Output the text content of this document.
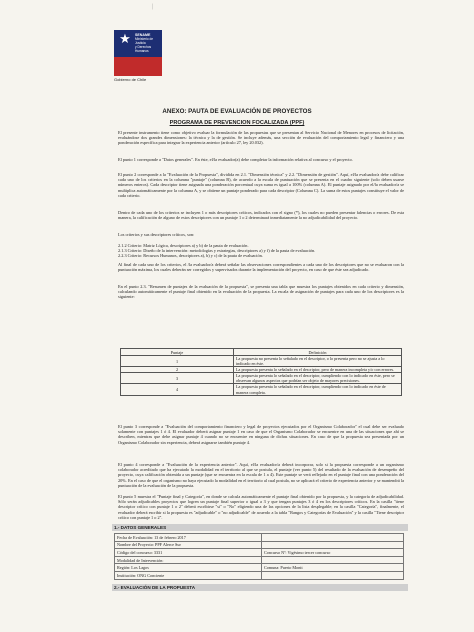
|
★	SENAME
Ministerio de Justicia
y Derechos Humanos
Gobierno de Chile
ANEXO: PAUTA DE EVALUACIÓN DE PROYECTOS
PROGRAMA DE PREVENCION FOCALIZADA (PPF)
El presente instrumento tiene como objetivo evaluar la formulación de las propuestas que se presentan al Servicio Nacional de Menores en procesos de licitación, evaluándose dos grandes dimensiones: la técnica y la de gestión. Se incluye además, una sección de evaluación del comportamiento legal y financiero y una ponderación específica para integrar la experiencia anterior (artículo 27, ley 20.032).
El punto 1 corresponde a "Datos generales". En éste, el/la evaluador(a) debe completar la información relativa al concurso y el proyecto.
El punto 2 corresponde a la "Evaluación de la Propuesta", dividida en 2.1. "Dimensión técnica" y 2.2. "Dimensión de gestión". Aquí, el/la evaluador/a debe calificar cada uno de los criterios en la columna "puntaje" (columna B), de acuerdo a la escala de puntuación que se presenta en el cuadro siguiente (solo deben usarse números enteros). Cada descriptor tiene asignada una ponderación porcentual cuya suma es igual a 100% (columna A). El puntaje asignado por el/la evaluador/a se multiplica automáticamente por la columna A, y se obtiene un puntaje ponderado para cada descriptor (Columna C). La suma de estos puntajes constituye el valor de cada criterio.
Dentro de cada uno de los criterios se incluyen 1 o más descriptores críticos, indicados con el signo (*), los cuales no pueden presentar falencias o errores. De esta manera, la calificación de alguno de estos descriptores con un puntaje 1 o 2 determinará inmediatamente la no adjudicabilidad del proyecto.
Los criterios y sus descriptores críticos, son:
2.1.2 Criterio: Matriz Lógica, descriptores a) y b) de la pauta de evaluación.
2.1.3 Criterio: Diseño de la intervención: metodologías y estrategias, descriptores a) y f) de la pauta de evaluación.
2.2.3 Criterio: Recursos Humanos, descriptores a), b) y c) de la pauta de evaluación.
Al final de cada uno de los criterios, el /la evaluador/a deberá señalar las observaciones correspondientes a cada uno de los descriptores que no se evaluaron con la puntuación máxima, los cuales deberán ser corregidos y supervisados durante la implementación del proyecto, en caso de que éste sea adjudicado.
En el punto 2.3. "Resumen de puntajes de la evaluación de la propuesta", se presenta una tabla que muestra los puntajes obtenidos en cada criterio y dimensión, calculando automáticamente el puntaje final obtenido en la evaluación de la propuesta. La escala de asignación de puntajes para cada uno de los descriptores es la siguiente:
Puntaje	Definición
1	La propuesta no presenta lo señalado en el descriptor, o lo presenta pero no se ajusta a lo indicado en éste.
2	La propuesta presenta lo señalado en el descriptor, pero de manera incompleta y/o con errores.
3	La propuesta presenta lo señalado en el descriptor, cumpliendo con lo indicado en éste, pero se observan algunos aspectos que podrían ser objeto de mayores precisiones.
4	La propuesta presenta lo señalado en el descriptor, cumpliendo con lo indicado en éste de manera completa.
El punto 3 corresponde a "Evaluación del comportamiento financiero y legal de proyectos ejecutados por el Organismo Colaborador" el cual debe ser evaluado solamente con puntajes 1 ó 4. El evaluador deberá asignar puntaje 1 en caso de que el Organismo Colaborador se encuentre en una de las situaciones que ahí se describen, mientras que debe asignar puntaje 4 cuando no se encuentre en ninguna de dichas situaciones. En caso de que la propuesta sea presentada por un Organismo Colaborador sin experiencia, deberá asignarse también puntaje 4.
El punto 4 corresponde a "Evaluación de la experiencia anterior". Aquí, el/la evaluador/a deberá incorporar, solo si la propuesta corresponde a un organismo colaborador acreditado que ha ejecutado la modalidad en el territorio al que se postula, el puntaje (ver punto 5) del resultado de la evaluación de desempeño del proyecto, cuya calificación obtenida a un puntaje (que se encuentra en la escala de 1 a 4). Este puntaje se verá reflejado en el puntaje final con una ponderación del 20%. En el caso de que el organismo no haya ejecutado la modalidad en el territorio al cual postula, no se aplicará el criterio de experiencia anterior y se mantendrá la puntuación de la evaluación de la propuesta.
El punto 5 muestra el "Puntaje final y Categoría", en donde se calcula automáticamente el puntaje final obtenido por la propuesta, y la categoría de adjudicabilidad. Sólo serán adjudicables proyectos que logren un puntaje final superior o igual a 3 y que tengan puntajes 3 ó 4 en los descriptores críticos. En la casilla "tiene descriptor crítico con puntaje 1 o 2" deberá escribirse "si" o "No" eligiendo una de las opciones de la lista desplegable; en la casilla "Categoría", finalmente, el evaluador deberá escribir si la propuesta es "adjudicable" o "no adjudicable" de acuerdo a la tabla "Rangos y Categorías de Evaluación" y la casilla "Tiene descriptor crítico con puntaje 1 o 2".
1.- DATOS GENERALES
Fecha de Evaluación: 13 de febrero 2017	
Nombre del Proyecto: PPF Alerce Sur	
Código del concurso: 3331	Concurso Nº: Vigésimo tercer concurso
Modalidad de Intervención:	
Región: Los Lagos	Comuna: Puerto Montt
Institución: ONG Conciente	
2.- EVALUACIÓN DE LA PROPUESTA
